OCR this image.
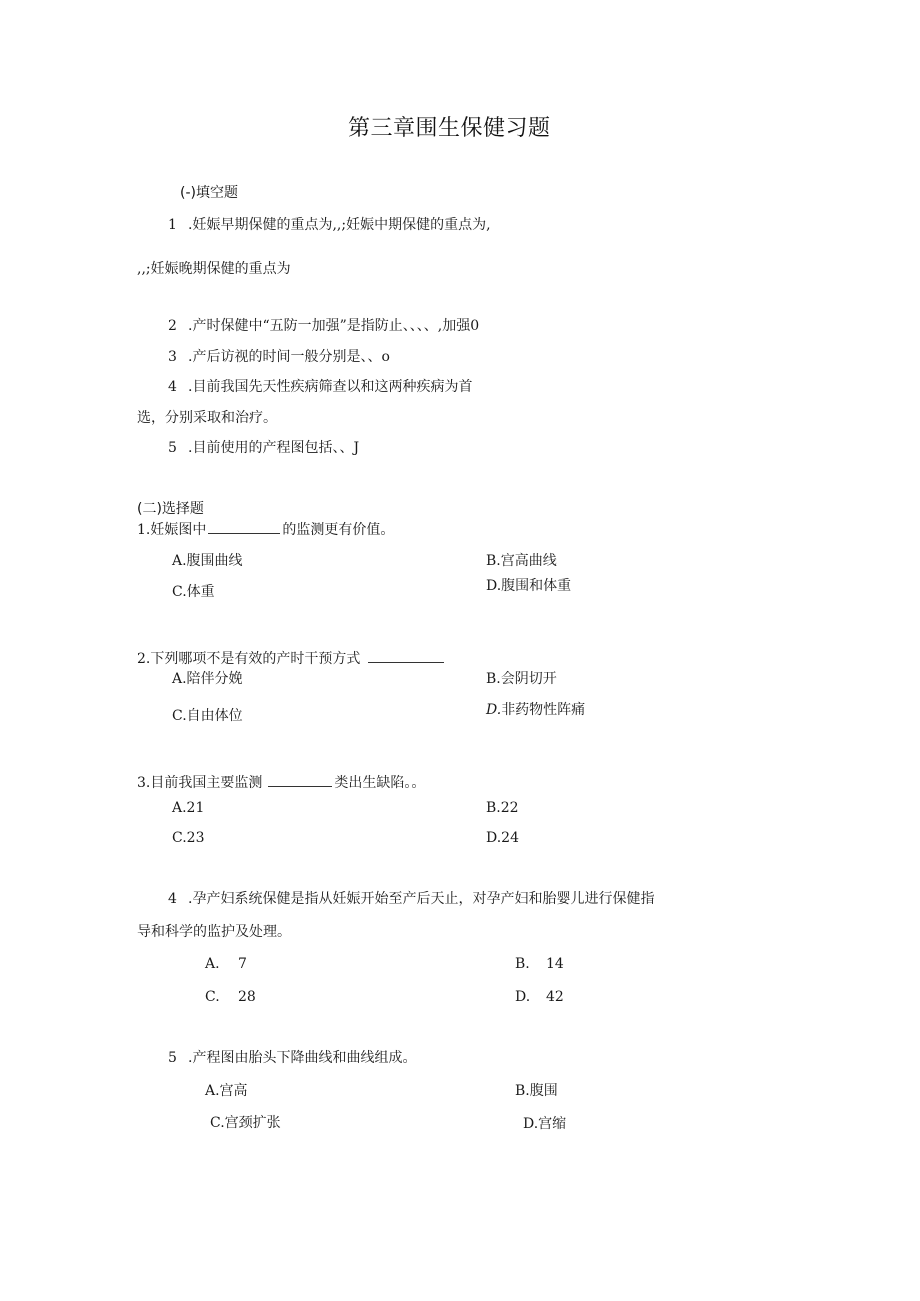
第三章围生保健习题
(-)填空题
1 .妊娠早期保健的重点为,,;妊娠中期保健的重点为,
,,;妊娠晚期保健的重点为
2 .产时保健中“五防一加强”是指防止、、、、,加强0
3 .产后访视的时间一般分别是、、o
4 .目前我国先天性疾病筛查以和这两种疾病为首
选，分别采取和治疗。
5 .目前使用的产程图包括、、J
(二)选择题
1.妊娠图中	的监测更有价值。
A.腹围曲线	B.宫高曲线
C.体重	D.腹围和体重
2.下列哪项不是有效的产时干预方式
A.陪伴分娩	B.会阴切开
C.自由体位	D.非药物性阵痛
3.目前我国主要监测	类出生缺陷。。
A.21	B.22
C.23	D.24
4 .孕产妇系统保健是指从妊娠开始至产后天止，对孕产妇和胎婴儿进行保健指
导和科学的监护及处理。
A. 7	B. 14
C. 28	D. 42
5 .产程图由胎头下降曲线和曲线组成。
A.宫高	B.腹围
C.宫颈扩张	D.宫缩
